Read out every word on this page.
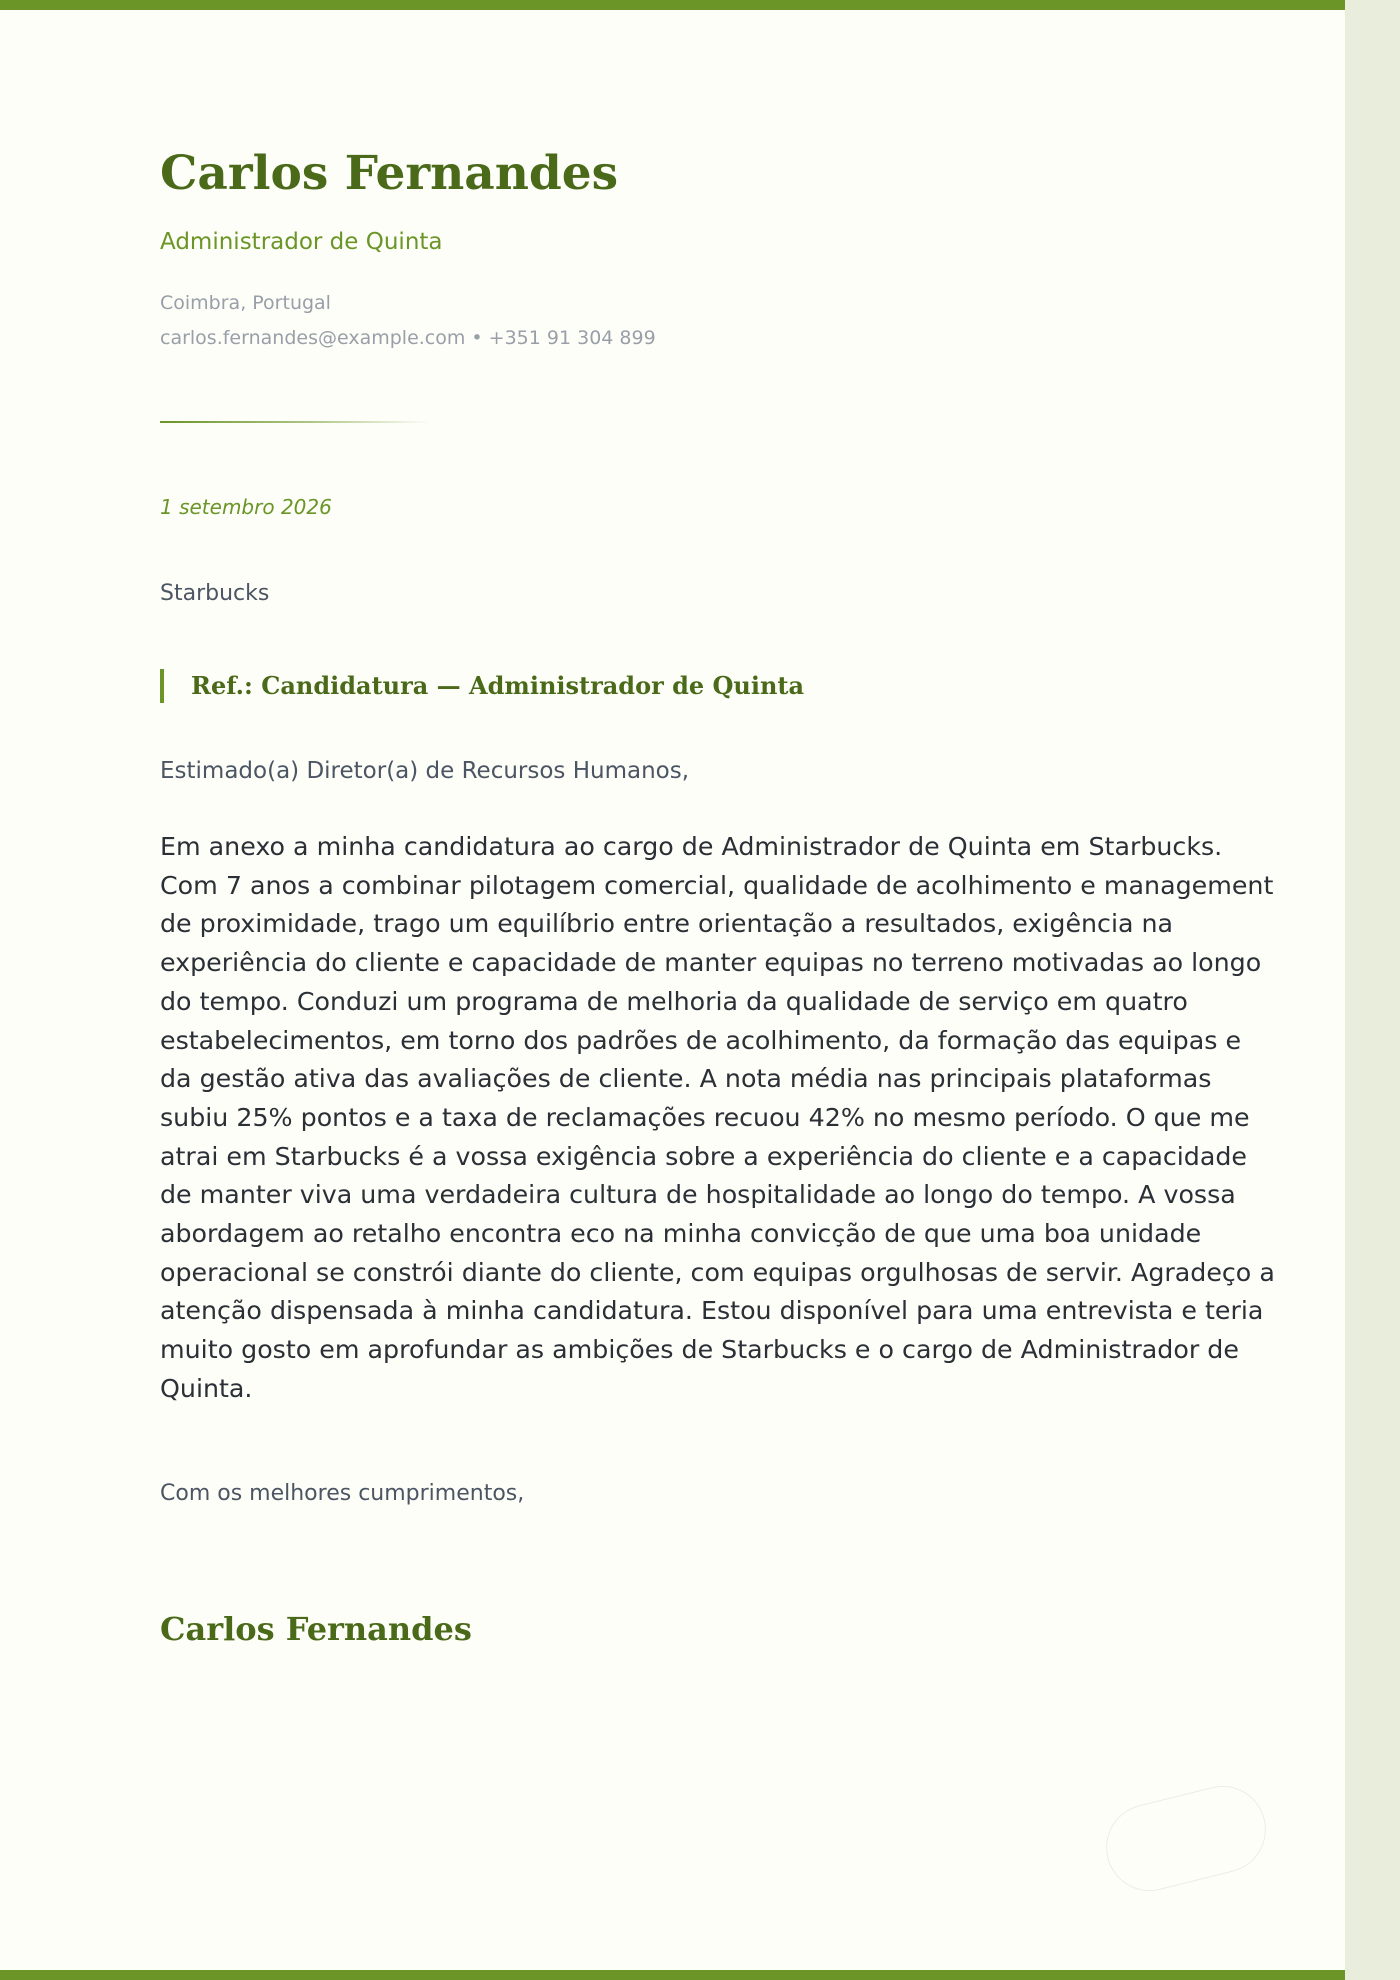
Carlos Fernandes
Administrador de Quinta
Coimbra, Portugal
carlos.fernandes@example.com • +351 91 304 899
1 setembro 2026
Starbucks
Ref.: Candidatura — Administrador de Quinta
Estimado(a) Diretor(a) de Recursos Humanos,

Em anexo a minha candidatura ao cargo de Administrador de Quinta em Starbucks. Com 7 anos a combinar pilotagem comercial, qualidade de acolhimento e management de proximidade, trago um equilíbrio entre orientação a resultados, exigência na experiência do cliente e capacidade de manter equipas no terreno motivadas ao longo do tempo. Conduzi um programa de melhoria da qualidade de serviço em quatro estabelecimentos, em torno dos padrões de acolhimento, da formação das equipas e da gestão ativa das avaliações de cliente. A nota média nas principais plataformas subiu 25% pontos e a taxa de reclamações recuou 42% no mesmo período. O que me atrai em Starbucks é a vossa exigência sobre a experiência do cliente e a capacidade de manter viva uma verdadeira cultura de hospitalidade ao longo do tempo. A vossa abordagem ao retalho encontra eco na minha convicção de que uma boa unidade operacional se constrói diante do cliente, com equipas orgulhosas de servir. Agradeço a atenção dispensada à minha candidatura. Estou disponível para uma entrevista e teria muito gosto em aprofundar as ambições de Starbucks e o cargo de Administrador de Quinta.

Com os melhores cumprimentos,
Carlos Fernandes
